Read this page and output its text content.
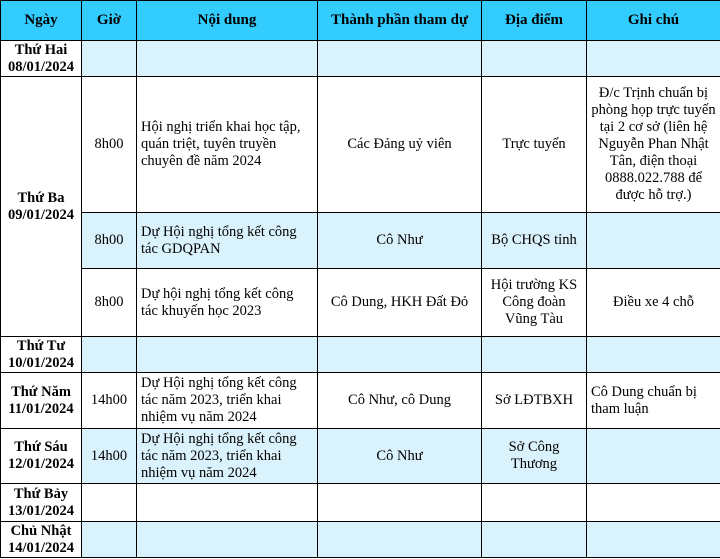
Ngày	Giờ	Nội dung	Thành phần tham dự	Địa điểm	Ghi chú
Thứ Hai
08/01/2024					
Thứ Ba
09/01/2024	8h00	Hội nghị triển khai học tập, quán triệt, tuyên truyền chuyên đề năm 2024	Các Đảng uỷ viên	Trực tuyến	Đ/c Trịnh chuẩn bị phòng họp trực tuyến tại 2 cơ sở (liên hệ Nguyễn Phan Nhật Tân, điện thoại 0888.022.788 để được hỗ trợ.)
	8h00	Dự Hội nghị tổng kết công tác GDQPAN	Cô Như	Bộ CHQS tỉnh	
	8h00	Dự hội nghị tổng kết công tác khuyến học 2023	Cô Dung, HKH Đất Đỏ	Hội trường KS Công đoàn Vũng Tàu	Điều xe 4 chỗ
Thứ Tư
10/01/2024					
Thứ Năm
11/01/2024	14h00	Dự Hội nghị tổng kết công tác năm 2023, triển khai nhiệm vụ năm 2024	Cô Như, cô Dung	Sở LĐTBXH	Cô Dung chuẩn bị tham luận
Thứ Sáu
12/01/2024	14h00	Dự Hội nghị tổng kết công tác năm 2023, triển khai nhiệm vụ năm 2024	Cô Như	Sở Công Thương	
Thứ Bảy
13/01/2024					
Chủ Nhật
14/01/2024					
